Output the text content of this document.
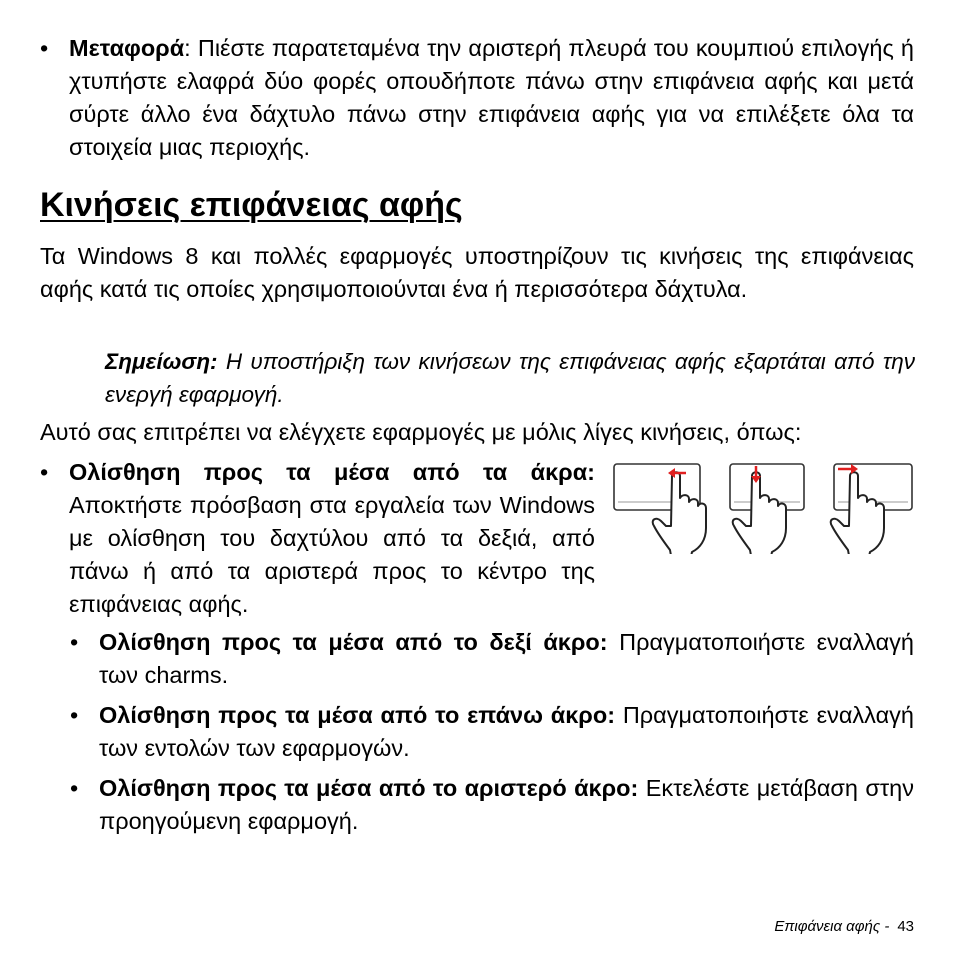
• Μεταφορά: Πιέστε παρατεταμένα την αριστερή πλευρά του κουμπιού επιλογής ή χτυπήστε ελαφρά δύο φορές οπουδήποτε πάνω στην επιφάνεια αφής και μετά σύρτε άλλο ένα δάχτυλο πάνω στην επιφάνεια αφής για να επιλέξετε όλα τα στοιχεία μιας περιοχής.

Κινήσεις επιφάνειας αφής

Τα Windows 8 και πολλές εφαρμογές υποστηρίζουν τις κινήσεις της επιφάνειας αφής κατά τις οποίες χρησιμοποιούνται ένα ή περισσότερα δάχτυλα.

Σημείωση: Η υποστήριξη των κινήσεων της επιφάνειας αφής εξαρτάται από την ενεργή εφαρμογή.

Αυτό σας επιτρέπει να ελέγχετε εφαρμογές με μόλις λίγες κινήσεις, όπως:

• Ολίσθηση προς τα μέσα από τα άκρα: Αποκτήστε πρόσβαση στα εργαλεία των Windows με ολίσθηση του δαχτύλου από τα δεξιά, από πάνω ή από τα αριστερά προς το κέντρο της επιφάνειας αφής.

• Ολίσθηση προς τα μέσα από το δεξί άκρο: Πραγματοποιήστε εναλλαγή των charms.

• Ολίσθηση προς τα μέσα από το επάνω άκρο: Πραγματοποιήστε εναλλαγή των εντολών των εφαρμογών.

• Ολίσθηση προς τα μέσα από το αριστερό άκρο: Εκτελέστε μετάβαση στην προηγούμενη εφαρμογή.

Επιφάνεια αφής - 43
